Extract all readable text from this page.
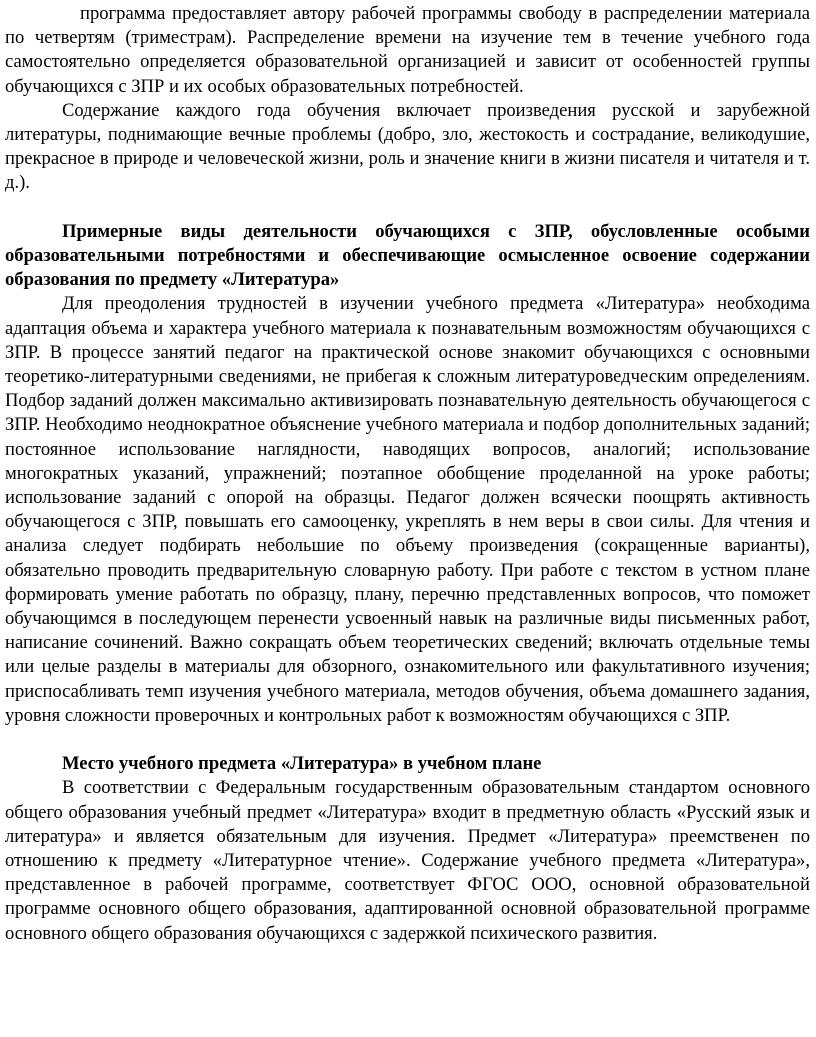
программа предоставляет автору рабочей программы свободу в распределении материала по четвертям (триместрам). Распределение времени на изучение тем в течение учебного года самостоятельно определяется образовательной организацией и зависит от особенностей группы обучающихся с ЗПР и их особых образовательных потребностей.

Содержание каждого года обучения включает произведения русской и зарубежной литературы, поднимающие вечные проблемы (добро, зло, жестокость и сострадание, великодушие, прекрасное в природе и человеческой жизни, роль и значение книги в жизни писателя и читателя и т. д.).

Примерные виды деятельности обучающихся с ЗПР, обусловленные особыми образовательными потребностями и обеспечивающие осмысленное освоение содержании образования по предмету «Литература»

Для преодоления трудностей в изучении учебного предмета «Литература» необходима адаптация объема и характера учебного материала к познавательным возможностям обучающихся с ЗПР. В процессе занятий педагог на практической основе знакомит обучающихся с основными теоретико-литературными сведениями, не прибегая к сложным литературоведческим определениям. Подбор заданий должен максимально активизировать познавательную деятельность обучающегося с ЗПР. Необходимо неоднократное объяснение учебного материала и подбор дополнительных заданий; постоянное использование наглядности, наводящих вопросов, аналогий; использование многократных указаний, упражнений; поэтапное обобщение проделанной на уроке работы; использование заданий с опорой на образцы. Педагог должен всячески поощрять активность обучающегося с ЗПР, повышать его самооценку, укреплять в нем веры в свои силы. Для чтения и анализа следует подбирать небольшие по объему произведения (сокращенные варианты), обязательно проводить предварительную словарную работу. При работе с текстом в устном плане формировать умение работать по образцу, плану, перечню представленных вопросов, что поможет обучающимся в последующем перенести усвоенный навык на различные виды письменных работ, написание сочинений. Важно сокращать объем теоретических сведений; включать отдельные темы или целые разделы в материалы для обзорного, ознакомительного или факультативного изучения; приспосабливать темп изучения учебного материала, методов обучения, объема домашнего задания, уровня сложности проверочных и контрольных работ к возможностям обучающихся с ЗПР.

Место учебного предмета «Литература» в учебном плане

В соответствии с Федеральным государственным образовательным стандартом основного общего образования учебный предмет «Литература» входит в предметную область «Русский язык и литература» и является обязательным для изучения. Предмет «Литература» преемственен по отношению к предмету «Литературное чтение». Содержание учебного предмета «Литература», представленное в рабочей программе, соответствует ФГОС ООО, основной образовательной программе основного общего образования, адаптированной основной образовательной программе основного общего образования обучающихся с задержкой психического развития.
